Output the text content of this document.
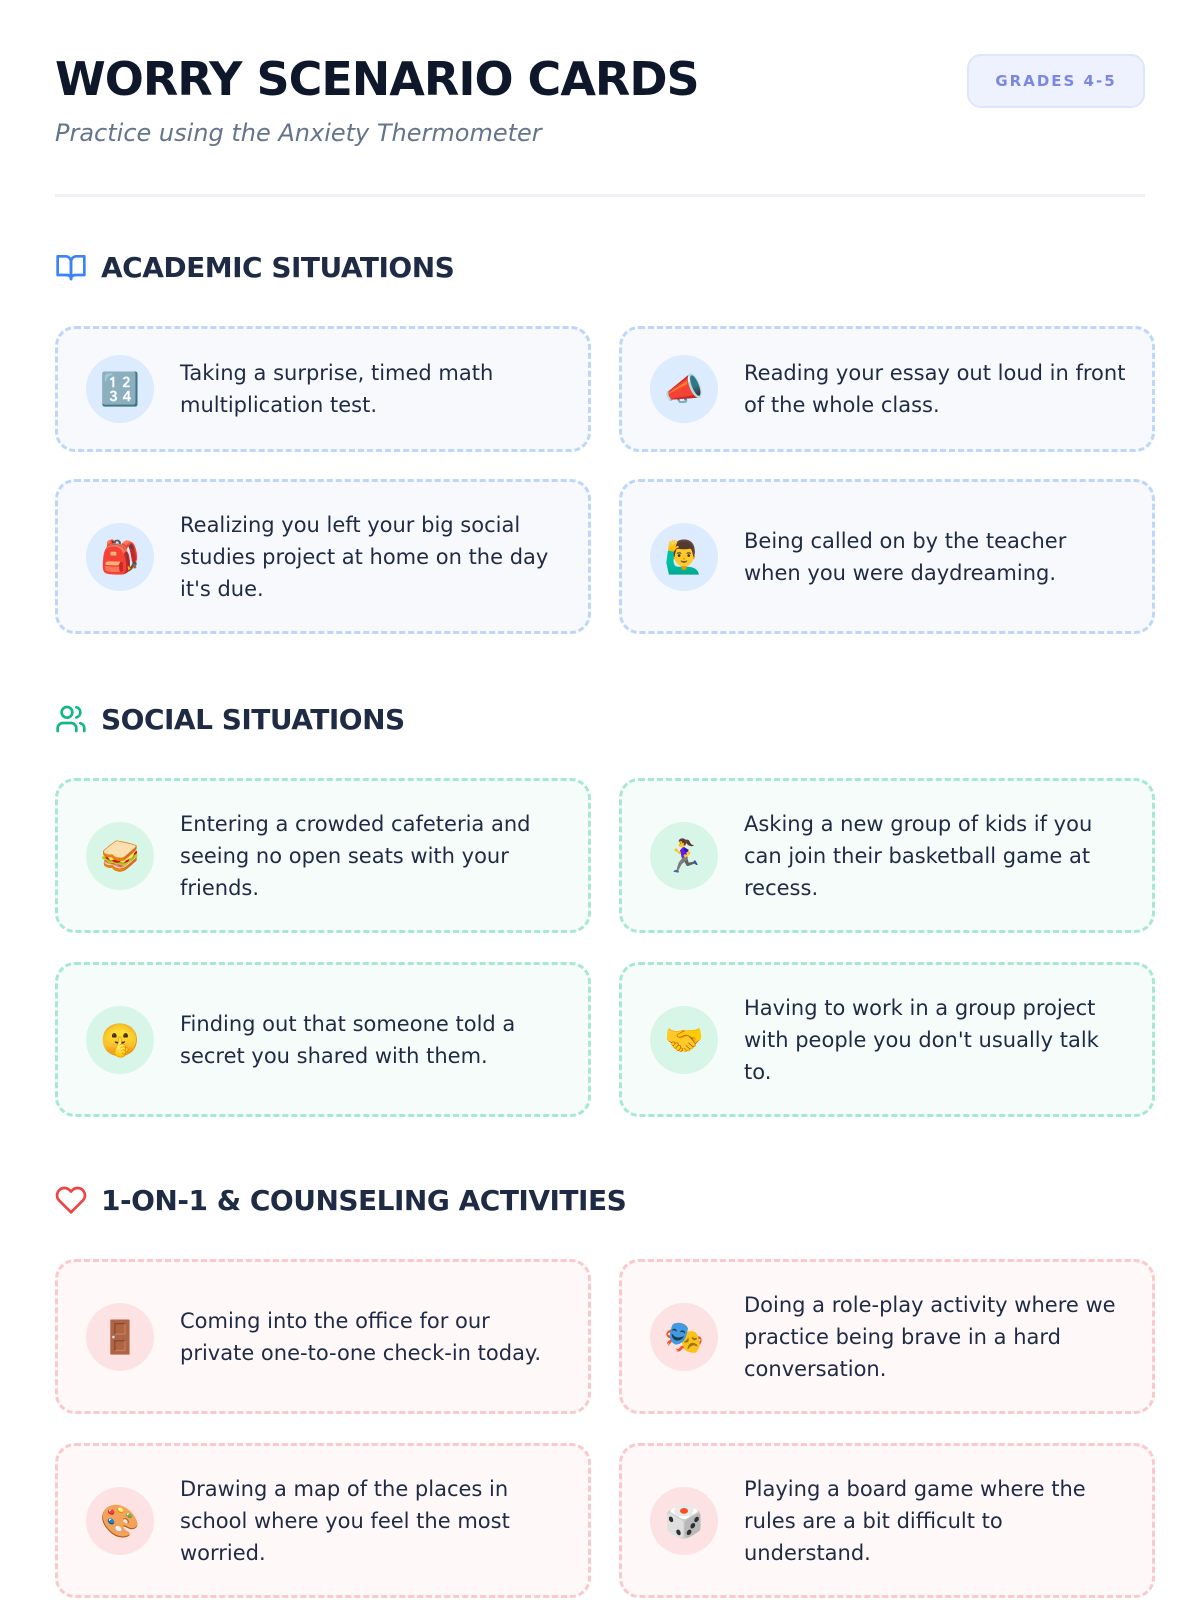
WORRY SCENARIO CARDS
Practice using the Anxiety Thermometer
GRADES 4-5
ACADEMIC SITUATIONS
🔢	Taking a surprise, timed math multiplication test.	📣	Reading your essay out loud in front of the whole class.
🎒
Realizing you left your big social studies project at home on the day it's due.
🙋‍♂️	Being called on by the teacher when you were daydreaming.
SOCIAL SITUATIONS
🥪
Entering a crowded cafeteria and seeing no open seats with your friends.
🏃‍♀️
Asking a new group of kids if you can join their basketball game at recess.
🤫	Finding out that someone told a secret you shared with them.	🤝
Having to work in a group project with people you don't usually talk to.
1-ON-1 & COUNSELING ACTIVITIES
🚪	Coming into the office for our private one-to-one check-in today.	🎭
Doing a role-play activity where we practice being brave in a hard conversation.
🎨
Drawing a map of the places in school where you feel the most worried.
🎲
Playing a board game where the rules are a bit difficult to understand.
